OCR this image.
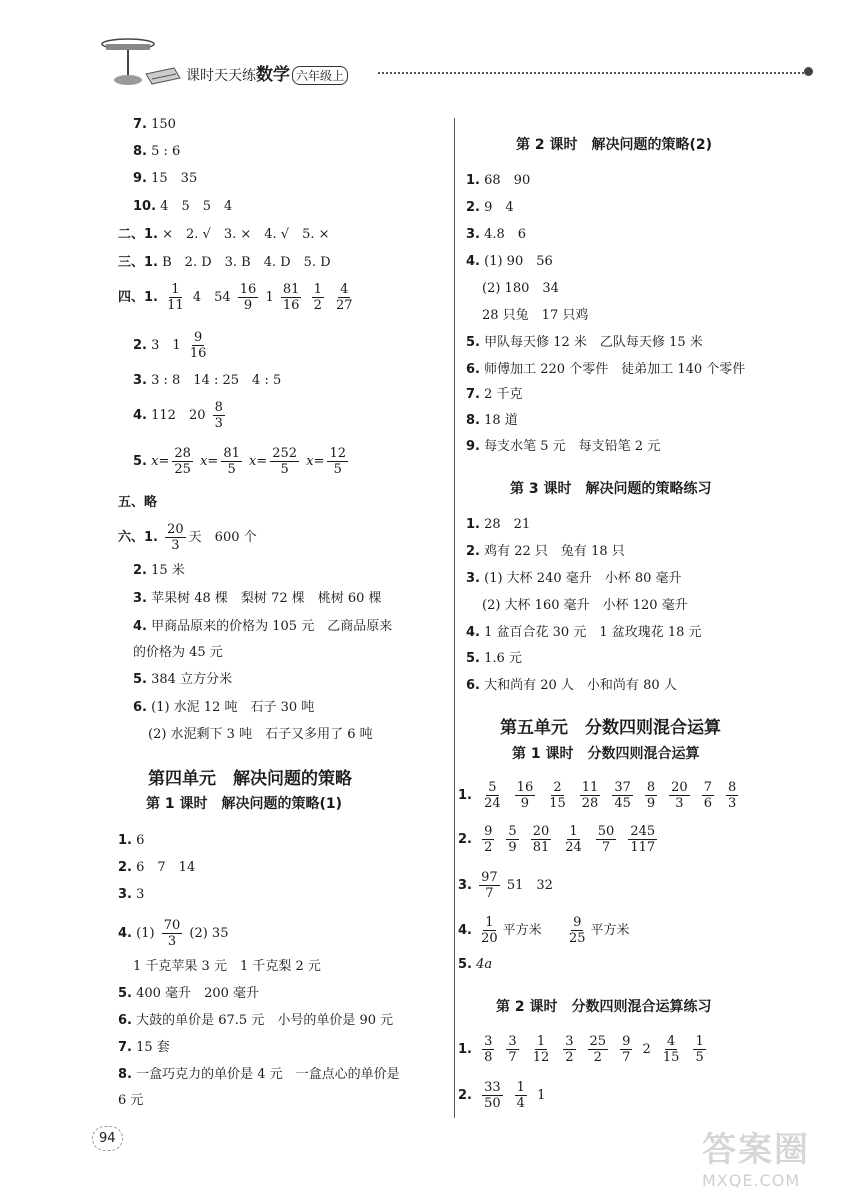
课时天天练数学 六年级上
7. 150
8. 5 : 6
9. 15　35
10. 4　5　5　4
二、1. ×　2. √　3. ×　4. √　5. ×
三、1. B　2. D　3. B　4. D　5. D
四、1. $\frac{1}{11} 4$　$54 \frac{16}{9} 1 \frac{81}{16}$
$\frac{1}{2}$
$\frac{4}{27}$
2. 3　$1 \frac{9}{16}$
3. 3 : 8　14 : 25　4 : 5
4. 112　$20 \frac{8}{3}$
5. $x= \frac{28}{25} x= \frac{81}{5} x= \frac{252}{5} x= \frac{12}{5}$
五、略
六、1. $\frac{20}{3}$ 天　600 个
2. 15 米
3. 苹果树 48 棵　梨树 72 棵　桃树 60 棵
4. 甲商品原来的价格为 105 元　乙商品原来
的价格为 45 元
5. 384 立方分米
6. (1) 水泥 12 吨　石子 30 吨
(2) 水泥剩下 3 吨　石子又多用了 6 吨
第四单元　解决问题的策略
第 1 课时　解决问题的策略(1)
1. 6
2. 6　7　14
3. 3
4. $(1) \frac{70}{3} (2)$ 35
1 千克苹果 3 元　1 千克梨 2 元
5. 400 毫升　200 毫升
6. 大鼓的单价是 67.5 元　小号的单价是 90 元
7. 15 套
8. 一盒巧克力的单价是 4 元　一盒点心的单价是
6 元
第 2 课时　解决问题的策略(2)
1. 68　90
2. 9　4
3. 4.8　6
4. (1) 90　56
(2) 180　34
28 只兔　17 只鸡
5. 甲队每天修 12 米　乙队每天修 15 米
6. 师傅加工 220 个零件　徒弟加工 140 个零件
7. 2 千克
8. 18 道
9. 每支水笔 5 元　每支铅笔 2 元
第 3 课时　解决问题的策略练习
1. 28　21
2. 鸡有 22 只　兔有 18 只
3. (1) 大杯 240 毫升　小杯 80 毫升
(2) 大杯 160 毫升　小杯 120 毫升
4. 1 盆百合花 30 元　1 盆玫瑰花 18 元
5. 1.6 元
6. 大和尚有 20 人　小和尚有 80 人
第五单元　分数四则混合运算
第 1 课时　分数四则混合运算
1. $\frac{5}{24} \frac{16}{9} \frac{2}{15} \frac{11}{28} \frac{37}{45} \frac{8}{9} \frac{20}{3} \frac{7}{6} \frac{8}{3}$
2. $\frac{9}{2} \frac{5}{9} \frac{20}{81} \frac{1}{24} \frac{50}{7} \frac{245}{117}$
3. $\frac{97}{7} 51$　32
4. $\frac{1}{20}$ 平方米 $\frac{9}{25}$ 平方米
5. 4a
第 2 课时　分数四则混合运算练习
1. $\frac{3}{8} \frac{3}{7} \frac{1}{12} \frac{3}{2} \frac{25}{2} \frac{9}{7} 2 \frac{4}{15} \frac{1}{5}$
2. $\frac{33}{50} \frac{1}{4} 1$
94	答案圈
MXQE.COM
